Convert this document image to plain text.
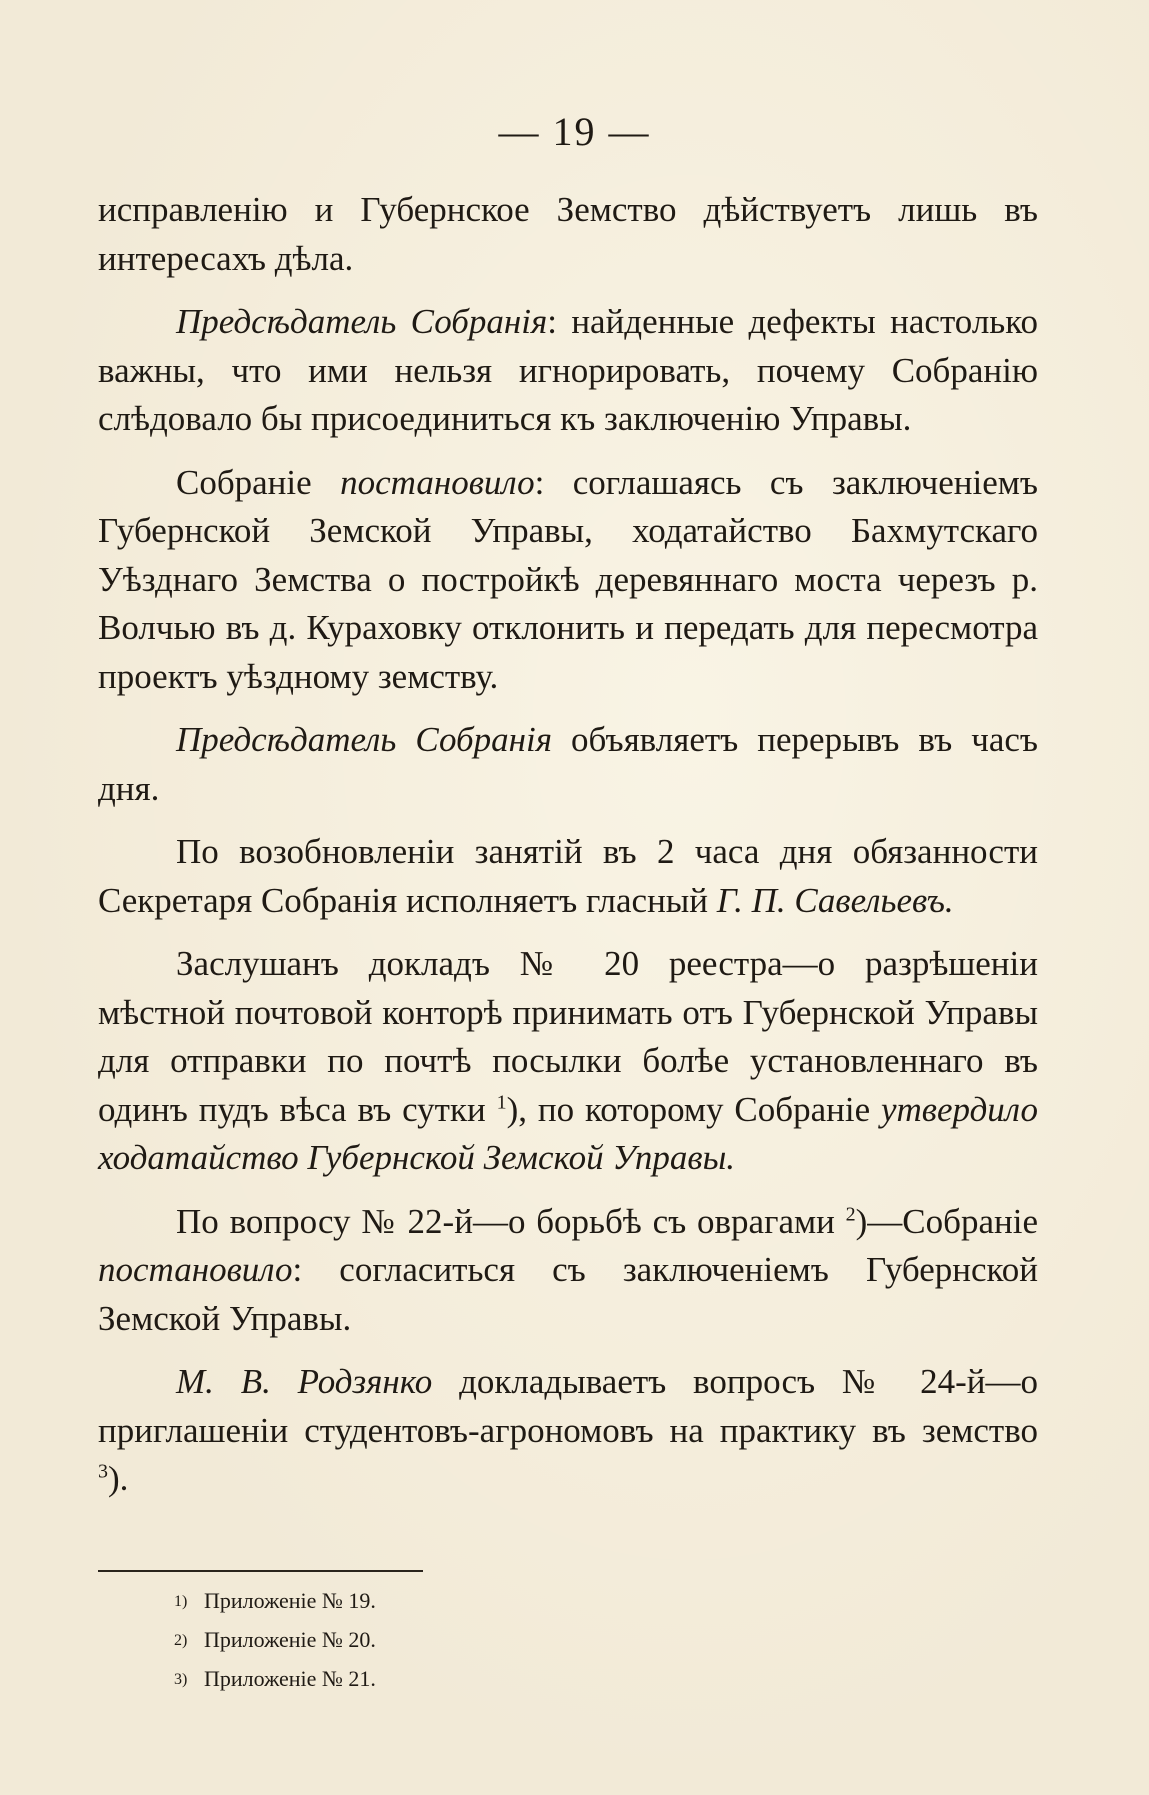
— 19 —

исправленію и Губернское Земство дѣйствуетъ лишь въ интересахъ дѣла.

Предсѣдатель Собранія: найденные дефекты настолько важны, что ими нельзя игнорировать, почему Собранію слѣдовало бы присоединиться къ заключенію Управы.

Собраніе постановило: соглашаясь съ заключеніемъ Губернской Земской Управы, ходатайство Бахмутскаго Уѣзднаго Земства о постройкѣ деревяннаго моста черезъ р. Волчью въ д. Кураховку отклонить и передать для пересмотра проектъ уѣздному земству.

Предсѣдатель Собранія объявляетъ перерывъ въ часъ дня.

По возобновленіи занятій въ 2 часа дня обязанности Секретаря Собранія исполняетъ гласный Г. П. Савельевъ.

Заслушанъ докладъ № 20 реестра—о разрѣшеніи мѣстной почтовой конторѣ принимать отъ Губернской Управы для отправки по почтѣ посылки болѣе установленнаго въ одинъ пудъ вѣса въ сутки $^1$), по которому Собраніе утвердило ходатайство Губернской Земской Управы.

По вопросу № 22-й—о борьбѣ съ оврагами $^2$)—Собраніе постановило: согласиться съ заключеніемъ Губернской Земской Управы.

М. В. Родзянко докладываетъ вопросъ № 24-й—о приглашеніи студентовъ-агрономовъ на практику въ земство $^3$).

1) Приложеніе № 19.
2) Приложеніе № 20.
3) Приложеніе № 21.
